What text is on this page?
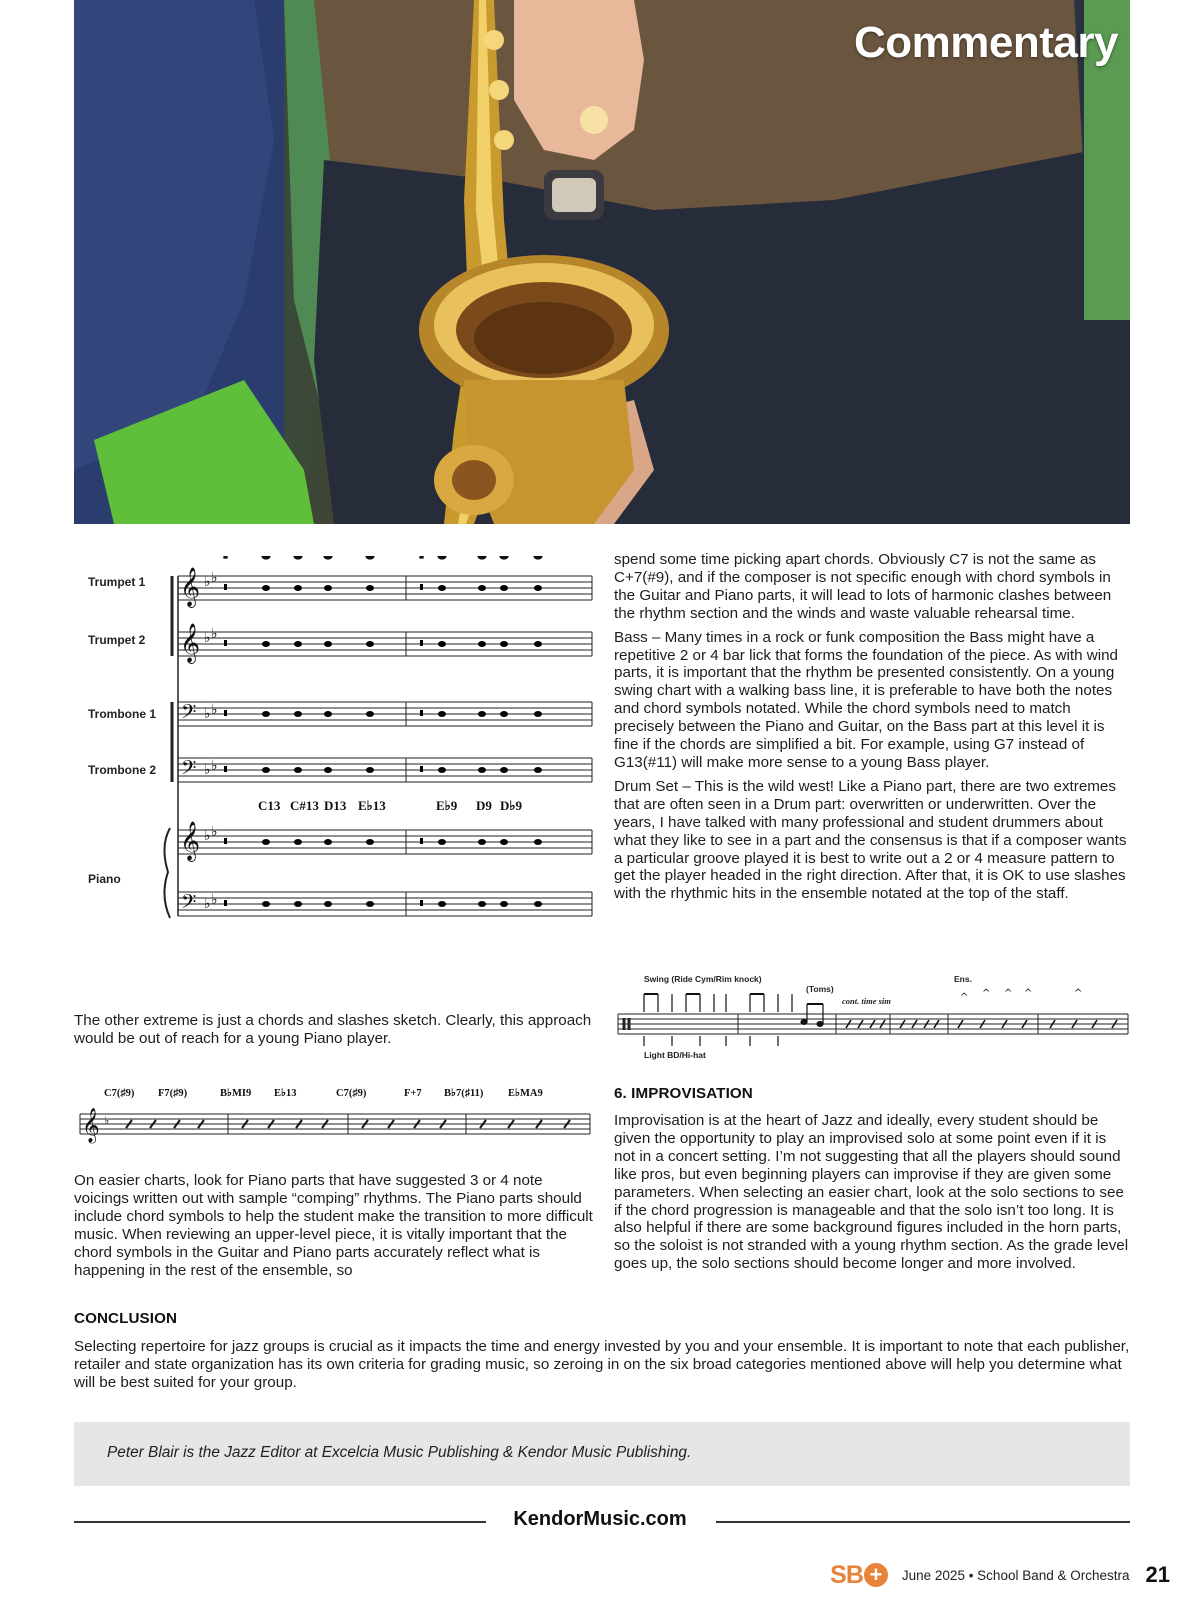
Commentary
𝄞
𝄞
𝄞
𝄢
𝄢
𝄢
♭ ♭
♭ ♭
♭ ♭
♭ ♭
♭ ♭
♭ ♭
Trumpet 1
Trumpet 2
Trombone 1
Trombone 2
Piano
C13 C#13 D13 E♭13	E♭9 D9 D♭9

The other extreme is just a chords and slashes sketch. Clearly, this approach would be out of reach for a young Piano player.

𝄞 ♭
C7(♯9) F7(♯9)	B♭MI9 E♭13	C7(♯9)	F+7 B♭7(♯11) E♭MA9

On easier charts, look for Piano parts that have suggested 3 or 4 note voicings written out with sample “comping” rhythms. The Piano parts should include chord symbols to help the student make the transition to more difficult music. When reviewing an upper-level piece, it is vitally important that the chord symbols in the Guitar and Piano parts accurately reflect what is happening in the rest of the ensemble, so

spend some time picking apart chords. Obviously C7 is not the same as C+7(#9), and if the composer is not specific enough with chord symbols in the Guitar and Piano parts, it will lead to lots of harmonic clashes between the rhythm section and the winds and waste valuable rehearsal time.

Bass – Many times in a rock or funk composition the Bass might have a repetitive 2 or 4 bar lick that forms the foundation of the piece. As with wind parts, it is important that the rhythm be presented consistently. On a young swing chart with a walking bass line, it is preferable to have both the notes and chord symbols notated. While the chord symbols need to match precisely between the Piano and Guitar, on the Bass part at this level it is fine if the chords are simplified a bit. For example, using G7 instead of G13(#11) will make more sense to a young Bass player.

Drum Set – This is the wild west! Like a Piano part, there are two extremes that are often seen in a Drum part: overwritten or underwritten. Over the years, I have talked with many professional and student drummers about what they like to see in a part and the consensus is that if a composer wants a particular groove played it is best to write out a 2 or 4 measure pattern to get the player headed in the right direction. After that, it is OK to use slashes with the rhythmic hits in the ensemble notated at the top of the staff.

Swing (Ride Cym/Rim knock)
(Toms)
cont. time sim
Ens.
Light BD/Hi-hat
^ ^ ^ ^	^
6. IMPROVISATION

Improvisation is at the heart of Jazz and ideally, every student should be given the opportunity to play an improvised solo at some point even if it is not in a concert setting. I’m not suggesting that all the players should sound like pros, but even beginning players can improvise if they are given some parameters. When selecting an easier chart, look at the solo sections to see if the chord progression is manageable and that the solo isn’t too long. It is also helpful if there are some background figures included in the horn parts, so the soloist is not stranded with a young rhythm section. As the grade level goes up, the solo sections should become longer and more involved.

CONCLUSION

Selecting repertoire for jazz groups is crucial as it impacts the time and energy invested by you and your ensemble. It is important to note that each publisher, retailer and state organization has its own criteria for grading music, so zeroing in on the six broad categories mentioned above will help you determine what will be best suited for your group.

Peter Blair is the Jazz Editor at Excelcia Music Publishing & Kendor Music Publishing.
KendorMusic.com
SB +	June 2025 • School Band & Orchestra 21
